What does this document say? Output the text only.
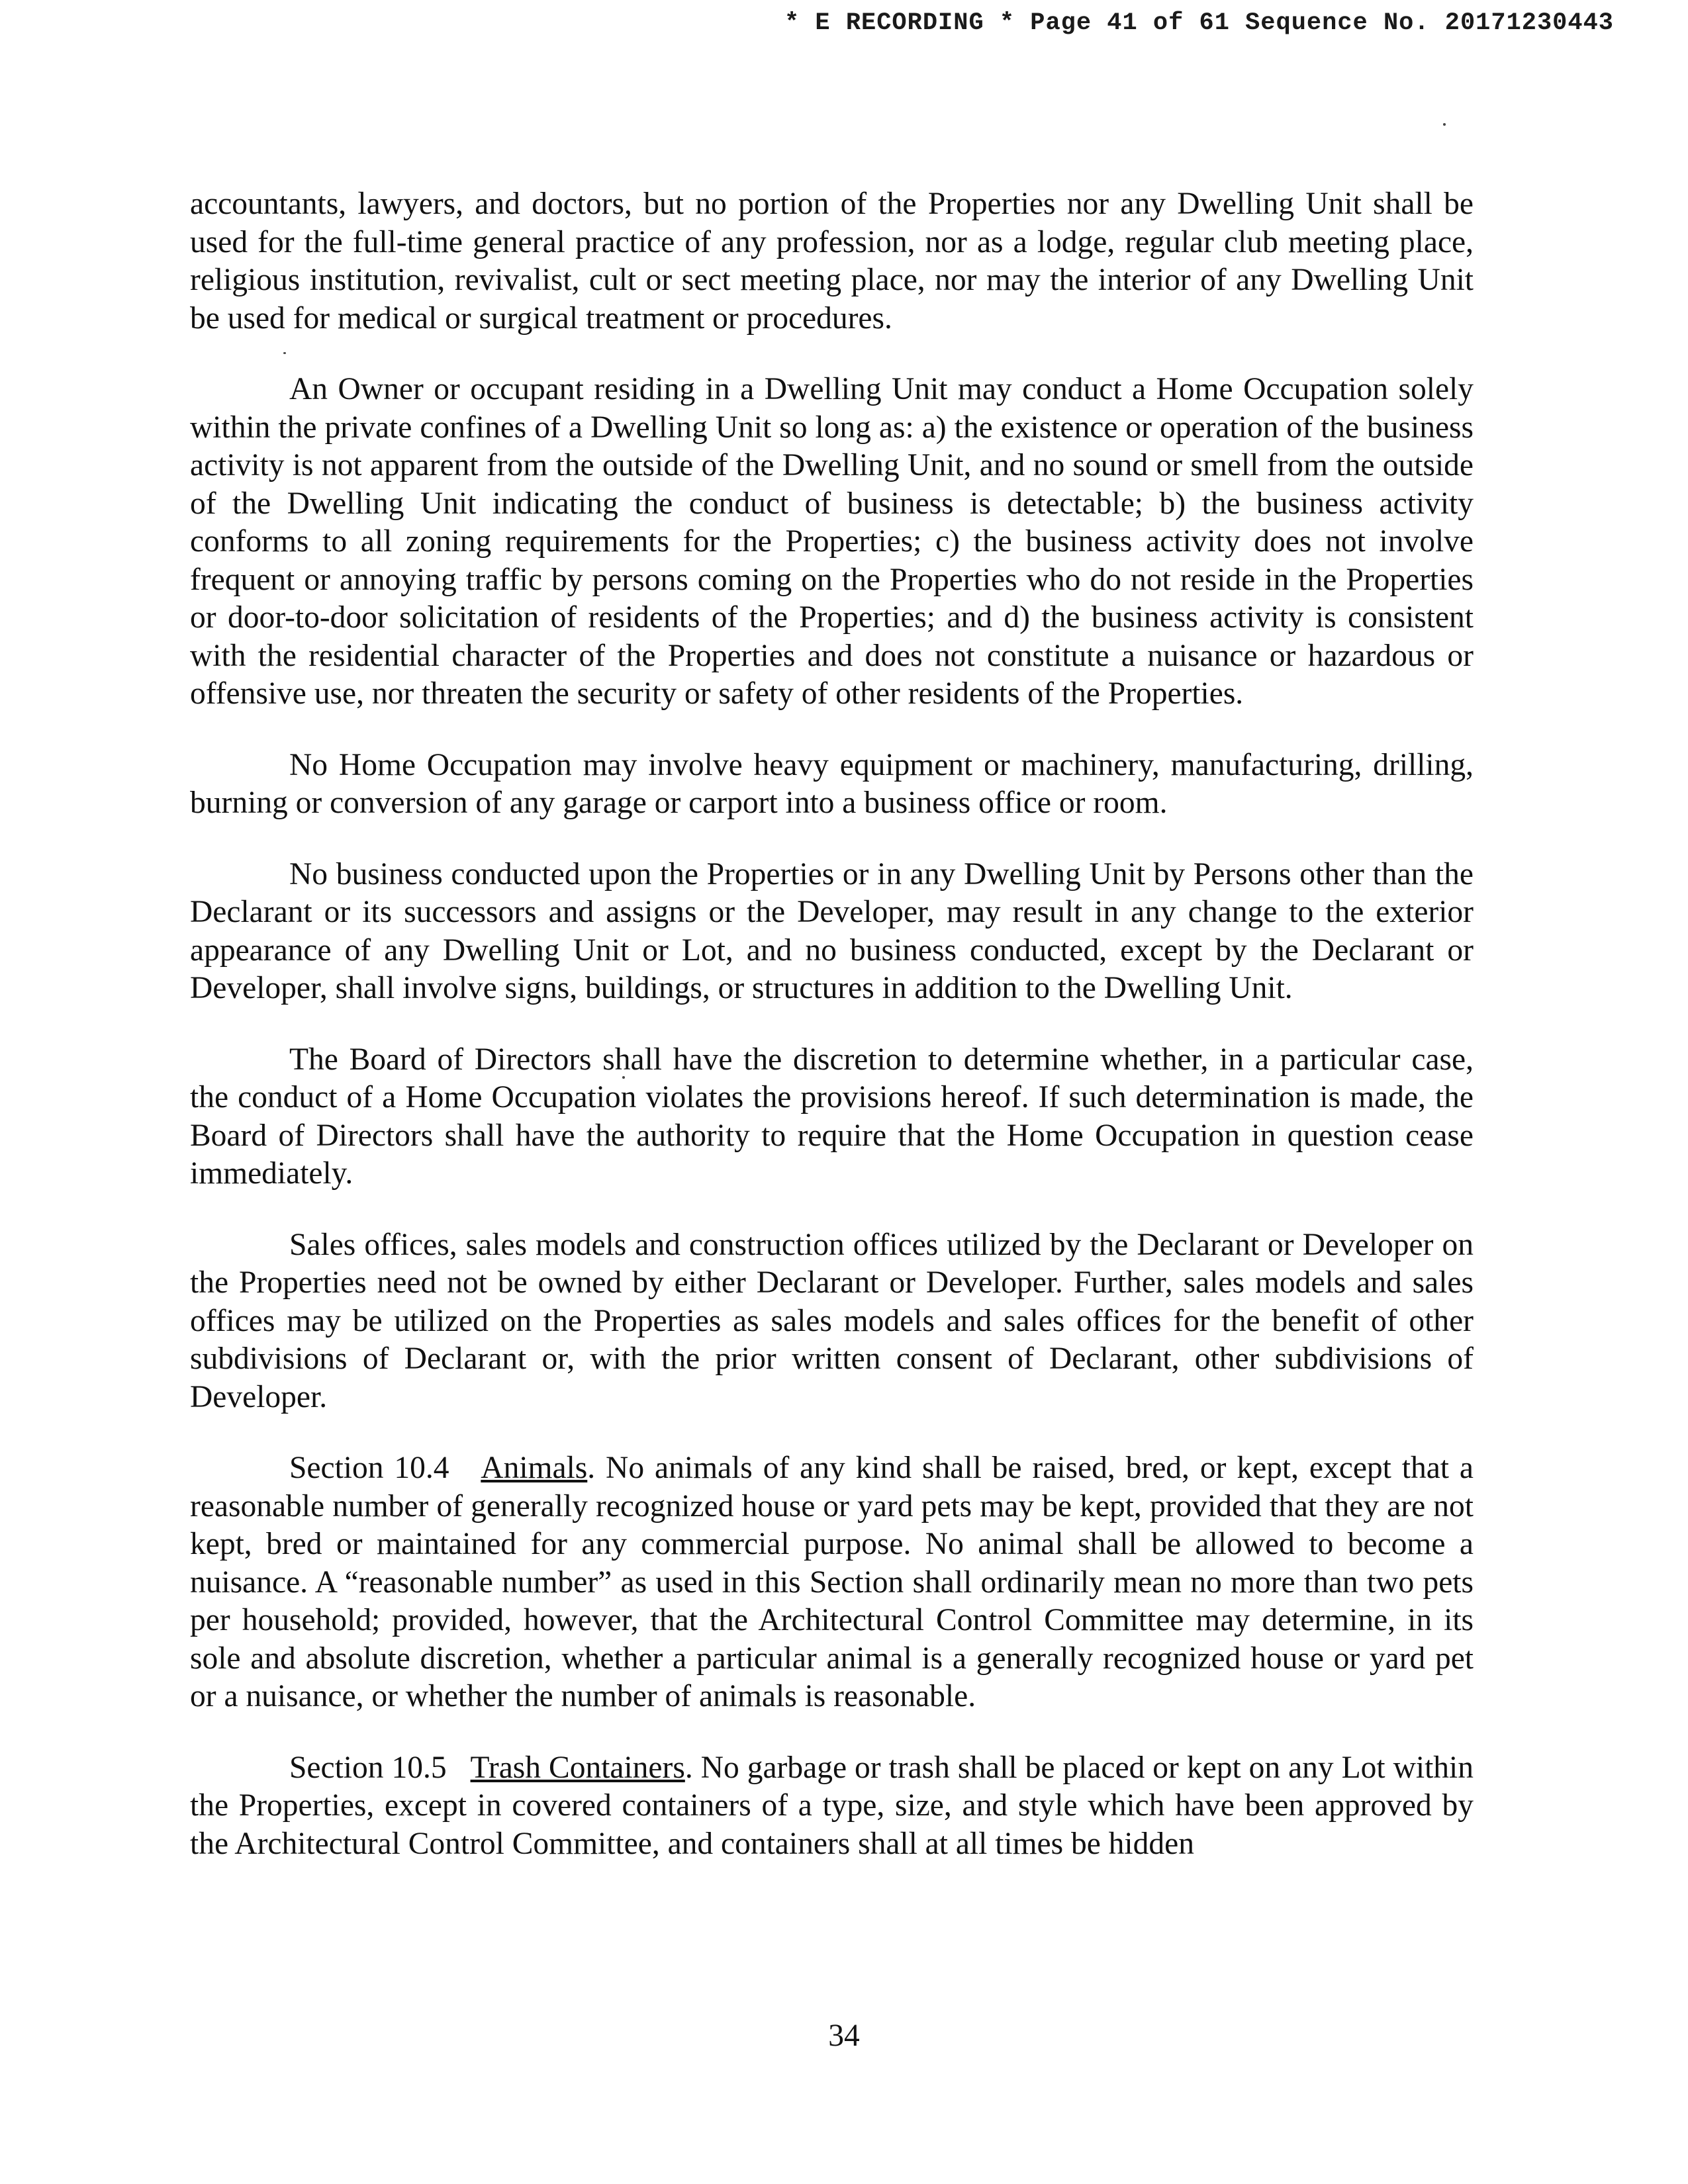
* E RECORDING * Page 41 of 61 Sequence No. 20171230443

accountants, lawyers, and doctors, but no portion of the Properties nor any Dwelling Unit shall be used for the full-time general practice of any profession, nor as a lodge, regular club meeting place, religious institution, revivalist, cult or sect meeting place, nor may the interior of any Dwelling Unit be used for medical or surgical treatment or procedures.

An Owner or occupant residing in a Dwelling Unit may conduct a Home Occupation solely within the private confines of a Dwelling Unit so long as: a) the existence or operation of the business activity is not apparent from the outside of the Dwelling Unit, and no sound or smell from the outside of the Dwelling Unit indicating the conduct of business is detectable; b) the business activity conforms to all zoning requirements for the Properties; c) the business activity does not involve frequent or annoying traffic by persons coming on the Properties who do not reside in the Properties or door-to-door solicitation of residents of the Properties; and d) the business activity is consistent with the residential character of the Properties and does not constitute a nuisance or hazardous or offensive use, nor threaten the security or safety of other residents of the Properties.

No Home Occupation may involve heavy equipment or machinery, manufacturing, drilling, burning or conversion of any garage or carport into a business office or room.

No business conducted upon the Properties or in any Dwelling Unit by Persons other than the Declarant or its successors and assigns or the Developer, may result in any change to the exterior appearance of any Dwelling Unit or Lot, and no business conducted, except by the Declarant or Developer, shall involve signs, buildings, or structures in addition to the Dwelling Unit.

The Board of Directors shall have the discretion to determine whether, in a particular case, the conduct of a Home Occupation violates the provisions hereof. If such determination is made, the Board of Directors shall have the authority to require that the Home Occupation in question cease immediately.

Sales offices, sales models and construction offices utilized by the Declarant or Developer on the Properties need not be owned by either Declarant or Developer. Further, sales models and sales offices may be utilized on the Properties as sales models and sales offices for the benefit of other subdivisions of Declarant or, with the prior written consent of Declarant, other subdivisions of Developer.

Section 10.4 Animals. No animals of any kind shall be raised, bred, or kept, except that a reasonable number of generally recognized house or yard pets may be kept, provided that they are not kept, bred or maintained for any commercial purpose. No animal shall be allowed to become a nuisance. A “reasonable number” as used in this Section shall ordinarily mean no more than two pets per household; provided, however, that the Architectural Control Committee may determine, in its sole and absolute discretion, whether a particular animal is a generally recognized house or yard pet or a nuisance, or whether the number of animals is reasonable.

Section 10.5 Trash Containers. No garbage or trash shall be placed or kept on any Lot within the Properties, except in covered containers of a type, size, and style which have been approved by the Architectural Control Committee, and containers shall at all times be hidden

34
